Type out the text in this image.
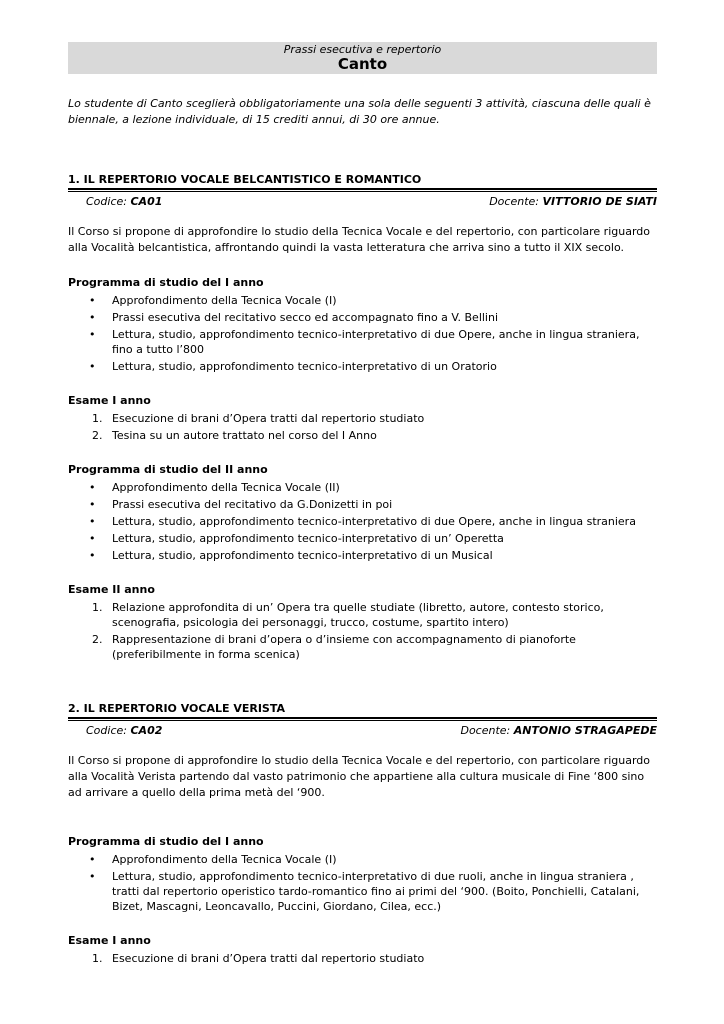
Prassi esecutiva e repertorio
Canto
Lo studente di Canto sceglierà obbligatoriamente una sola delle seguenti 3 attività, ciascuna delle quali è biennale, a lezione individuale, di 15 crediti annui, di 30 ore annue.
1. IL REPERTORIO VOCALE BELCANTISTICO E ROMANTICO
Codice: CA01	Docente: VITTORIO DE SIATI
Il Corso si propone di approfondire lo studio della Tecnica Vocale e del repertorio, con particolare riguardo alla Vocalità belcantistica, affrontando quindi la vasta letteratura che arriva sino a tutto il XIX secolo.
Programma di studio del I anno
• Approfondimento della Tecnica Vocale (I)
• Prassi esecutiva del recitativo secco ed accompagnato fino a V. Bellini
• Lettura, studio, approfondimento tecnico-interpretativo di due Opere, anche in lingua straniera, fino a tutto l’800
• Lettura, studio, approfondimento tecnico-interpretativo di un Oratorio
Esame I anno
1. Esecuzione di brani d’Opera tratti dal repertorio studiato
2. Tesina su un autore trattato nel corso del I Anno
Programma di studio del II anno
• Approfondimento della Tecnica Vocale (II)
• Prassi esecutiva del recitativo da G.Donizetti in poi
• Lettura, studio, approfondimento tecnico-interpretativo di due Opere, anche in lingua straniera
• Lettura, studio, approfondimento tecnico-interpretativo di un’ Operetta
• Lettura, studio, approfondimento tecnico-interpretativo di un Musical
Esame II anno
1. Relazione approfondita di un’ Opera tra quelle studiate (libretto, autore, contesto storico, scenografia, psicologia dei personaggi, trucco, costume, spartito intero)
2. Rappresentazione di brani d’opera o d’insieme con accompagnamento di pianoforte (preferibilmente in forma scenica)
2. IL REPERTORIO VOCALE VERISTA
Codice: CA02	Docente: ANTONIO STRAGAPEDE
Il Corso si propone di approfondire lo studio della Tecnica Vocale e del repertorio, con particolare riguardo alla Vocalità Verista partendo dal vasto patrimonio che appartiene alla cultura musicale di Fine ‘800 sino ad arrivare a quello della prima metà del ‘900.
Programma di studio del I anno
• Approfondimento della Tecnica Vocale (I)
• Lettura, studio, approfondimento tecnico-interpretativo di due ruoli, anche in lingua straniera , tratti dal repertorio operistico tardo-romantico fino ai primi del ‘900. (Boito, Ponchielli, Catalani, Bizet, Mascagni, Leoncavallo, Puccini, Giordano, Cilea, ecc.)
Esame I anno
1. Esecuzione di brani d’Opera tratti dal repertorio studiato
